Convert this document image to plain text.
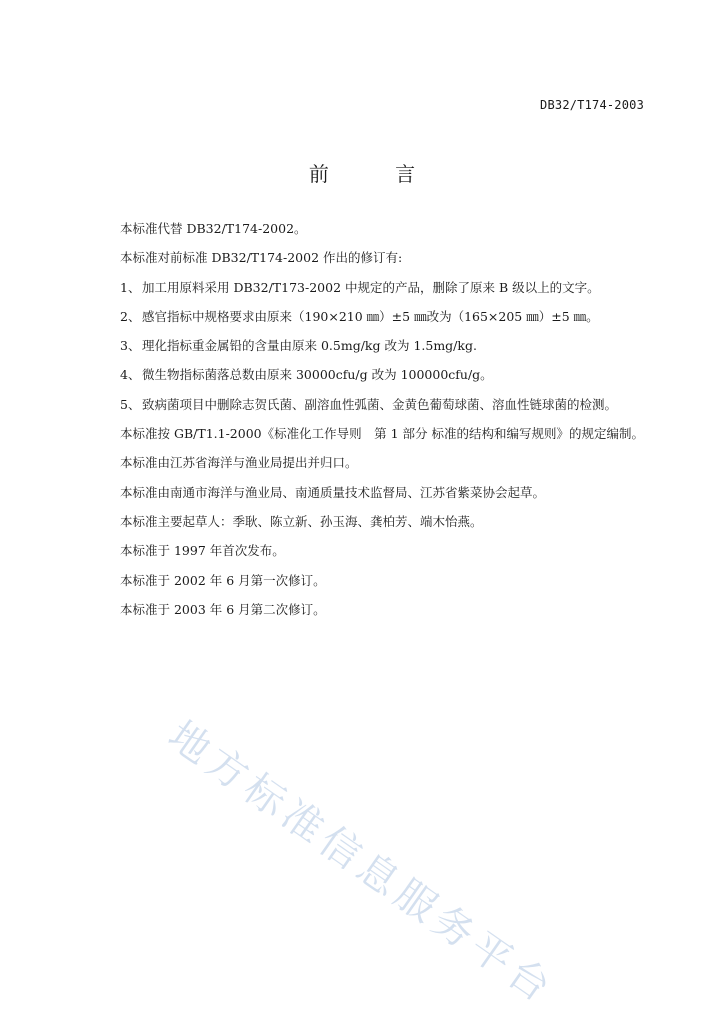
DB32/T174-2003
前 言
本标准代替 DB32/T174-2002。
本标准对前标准 DB32/T174-2002 作出的修订有:
1、 加工用原料采用 DB32/T173-2002 中规定的产品，删除了原来 B 级以上的文字。
2、 感官指标中规格要求由原来（190×210 ㎜）±5 ㎜改为（165×205 ㎜）±5 ㎜。
3、 理化指标重金属铅的含量由原来 0.5mg/kg 改为 1.5mg/kg.
4、 微生物指标菌落总数由原来 30000cfu/g 改为 100000cfu/g。
5、 致病菌项目中删除志贺氏菌、副溶血性弧菌、金黄色葡萄球菌、溶血性链球菌的检测。
本标准按 GB/T1.1-2000《标准化工作导则　第 1 部分 标准的结构和编写规则》的规定编制。
本标准由江苏省海洋与渔业局提出并归口。
本标准由南通市海洋与渔业局、南通质量技术监督局、江苏省紫菜协会起草。
本标准主要起草人：季耿、陈立新、孙玉海、龚柏芳、端木怡燕。
本标准于 1997 年首次发布。
本标准于 2002 年 6 月第一次修订。
本标准于 2003 年 6 月第二次修订。
地方标准信息服务平台
